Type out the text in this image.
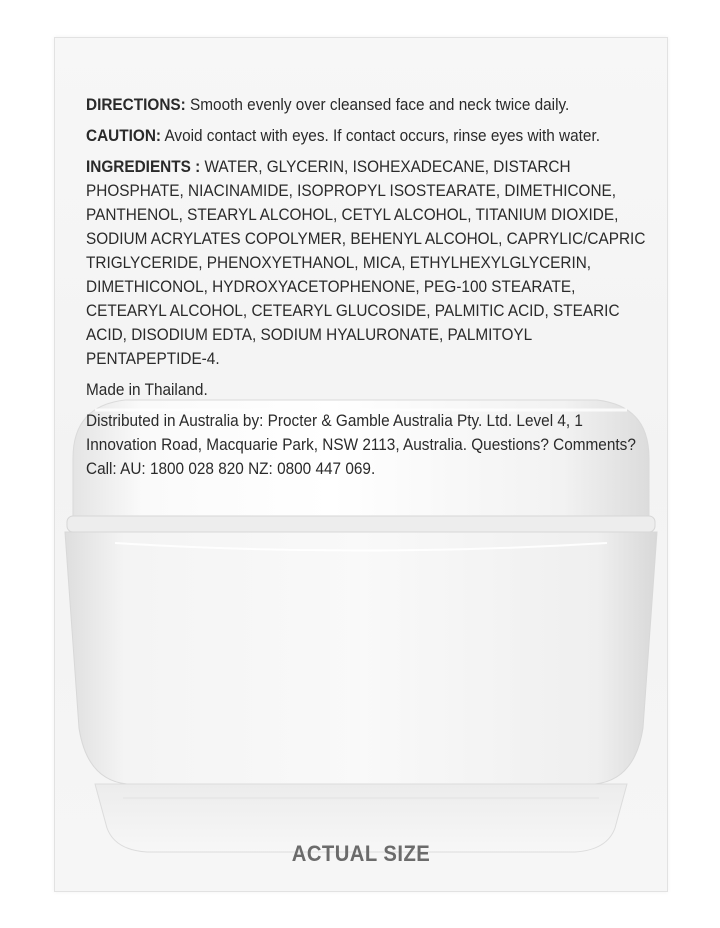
DIRECTIONS: Smooth evenly over cleansed face and neck twice daily.

CAUTION: Avoid contact with eyes. If contact occurs, rinse eyes with water.

INGREDIENTS : WATER, GLYCERIN, ISOHEXADECANE, DISTARCH PHOSPHATE, NIACINAMIDE, ISOPROPYL ISOSTEARATE, DIMETHICONE, PANTHENOL, STEARYL ALCOHOL, CETYL ALCOHOL, TITANIUM DIOXIDE, SODIUM ACRYLATES COPOLYMER, BEHENYL ALCOHOL, CAPRYLIC/CAPRIC TRIGLYCERIDE, PHENOXYETHANOL, MICA, ETHYLHEXYLGLYCERIN, DIMETHICONOL, HYDROXYACETOPHENONE, PEG-100 STEARATE, CETEARYL ALCOHOL, CETEARYL GLUCOSIDE, PALMITIC ACID, STEARIC ACID, DISODIUM EDTA, SODIUM HYALURONATE, PALMITOYL PENTAPEPTIDE-4.

Made in Thailand.

Distributed in Australia by: Procter & Gamble Australia Pty. Ltd. Level 4, 1 Innovation Road, Macquarie Park, NSW 2113, Australia. Questions? Comments? Call: AU: 1800 028 820 NZ: 0800 447 069.

ACTUAL SIZE
